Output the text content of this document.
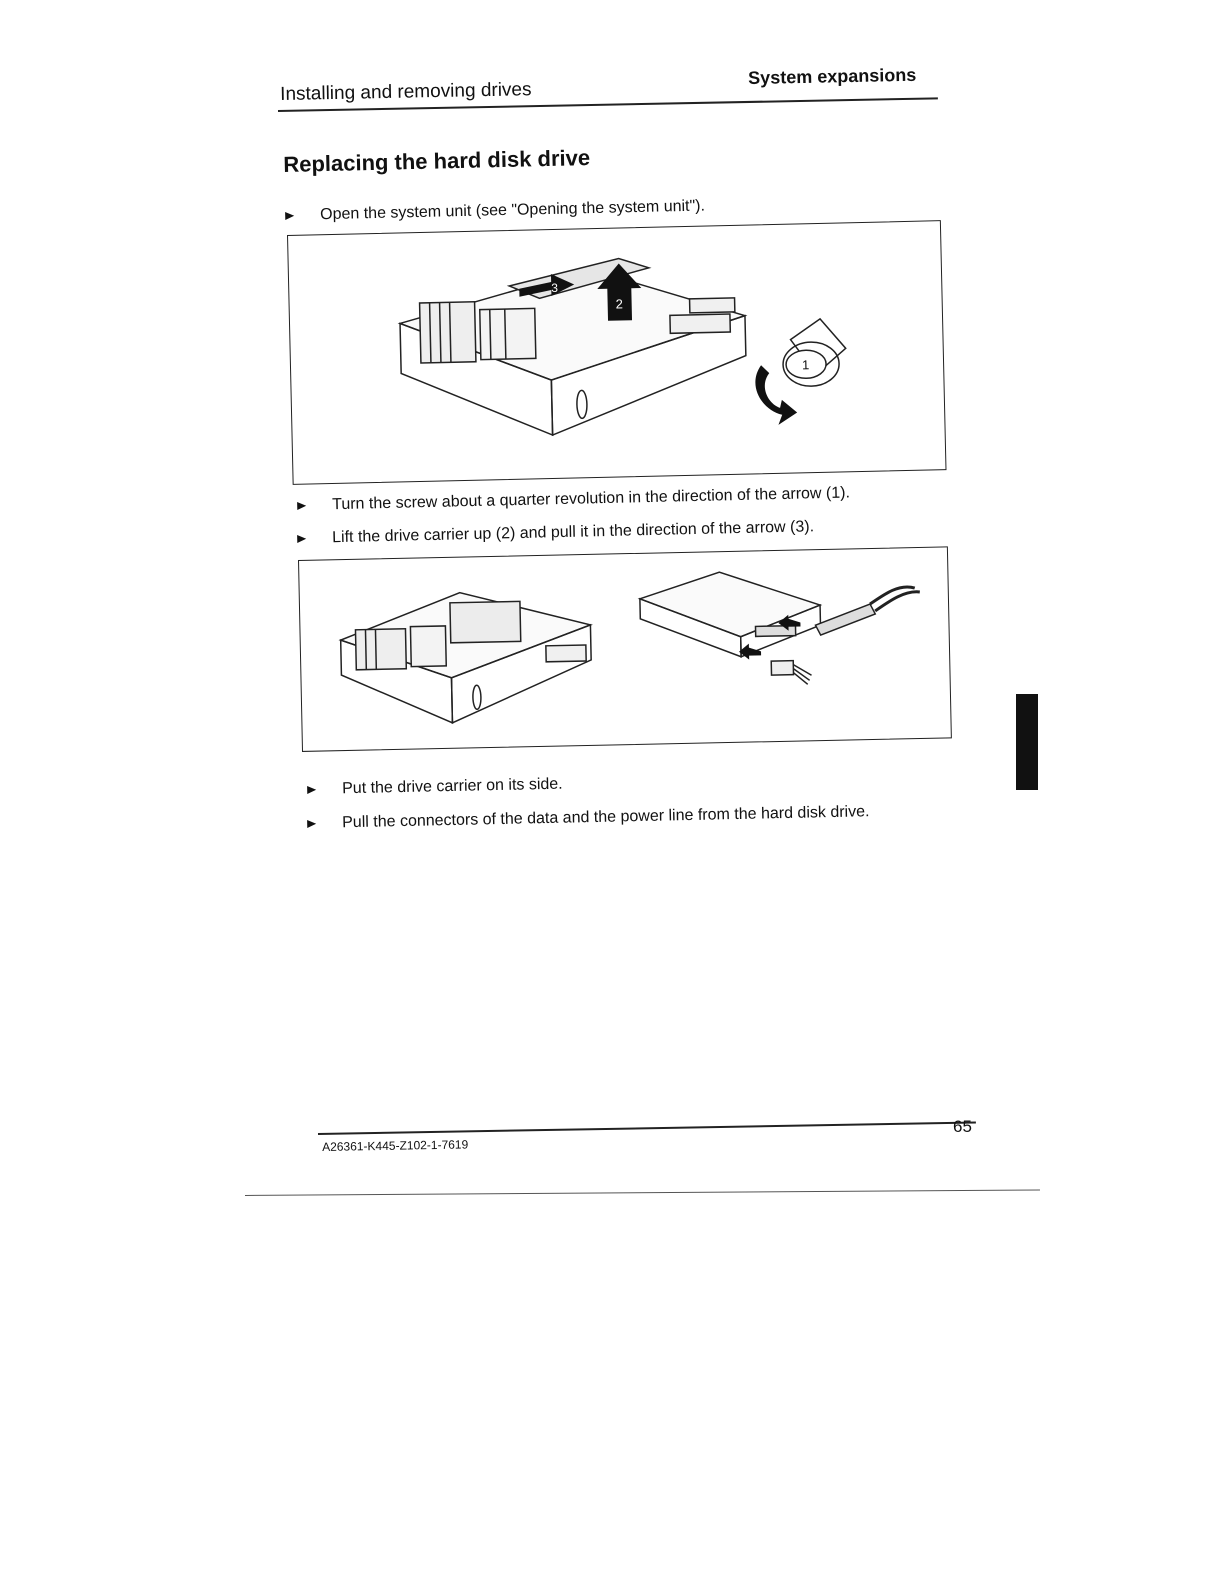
Installing and removing drives
System expansions
Replacing the hard disk drive
Open the system unit (see "Opening the system unit").
3
2
1
Turn the screw about a quarter revolution in the direction of the arrow (1).
Lift the drive carrier up (2) and pull it in the direction of the arrow (3).
Put the drive carrier on its side.
Pull the connectors of the data and the power line from the hard disk drive.
65
A26361-K445-Z102-1-7619
